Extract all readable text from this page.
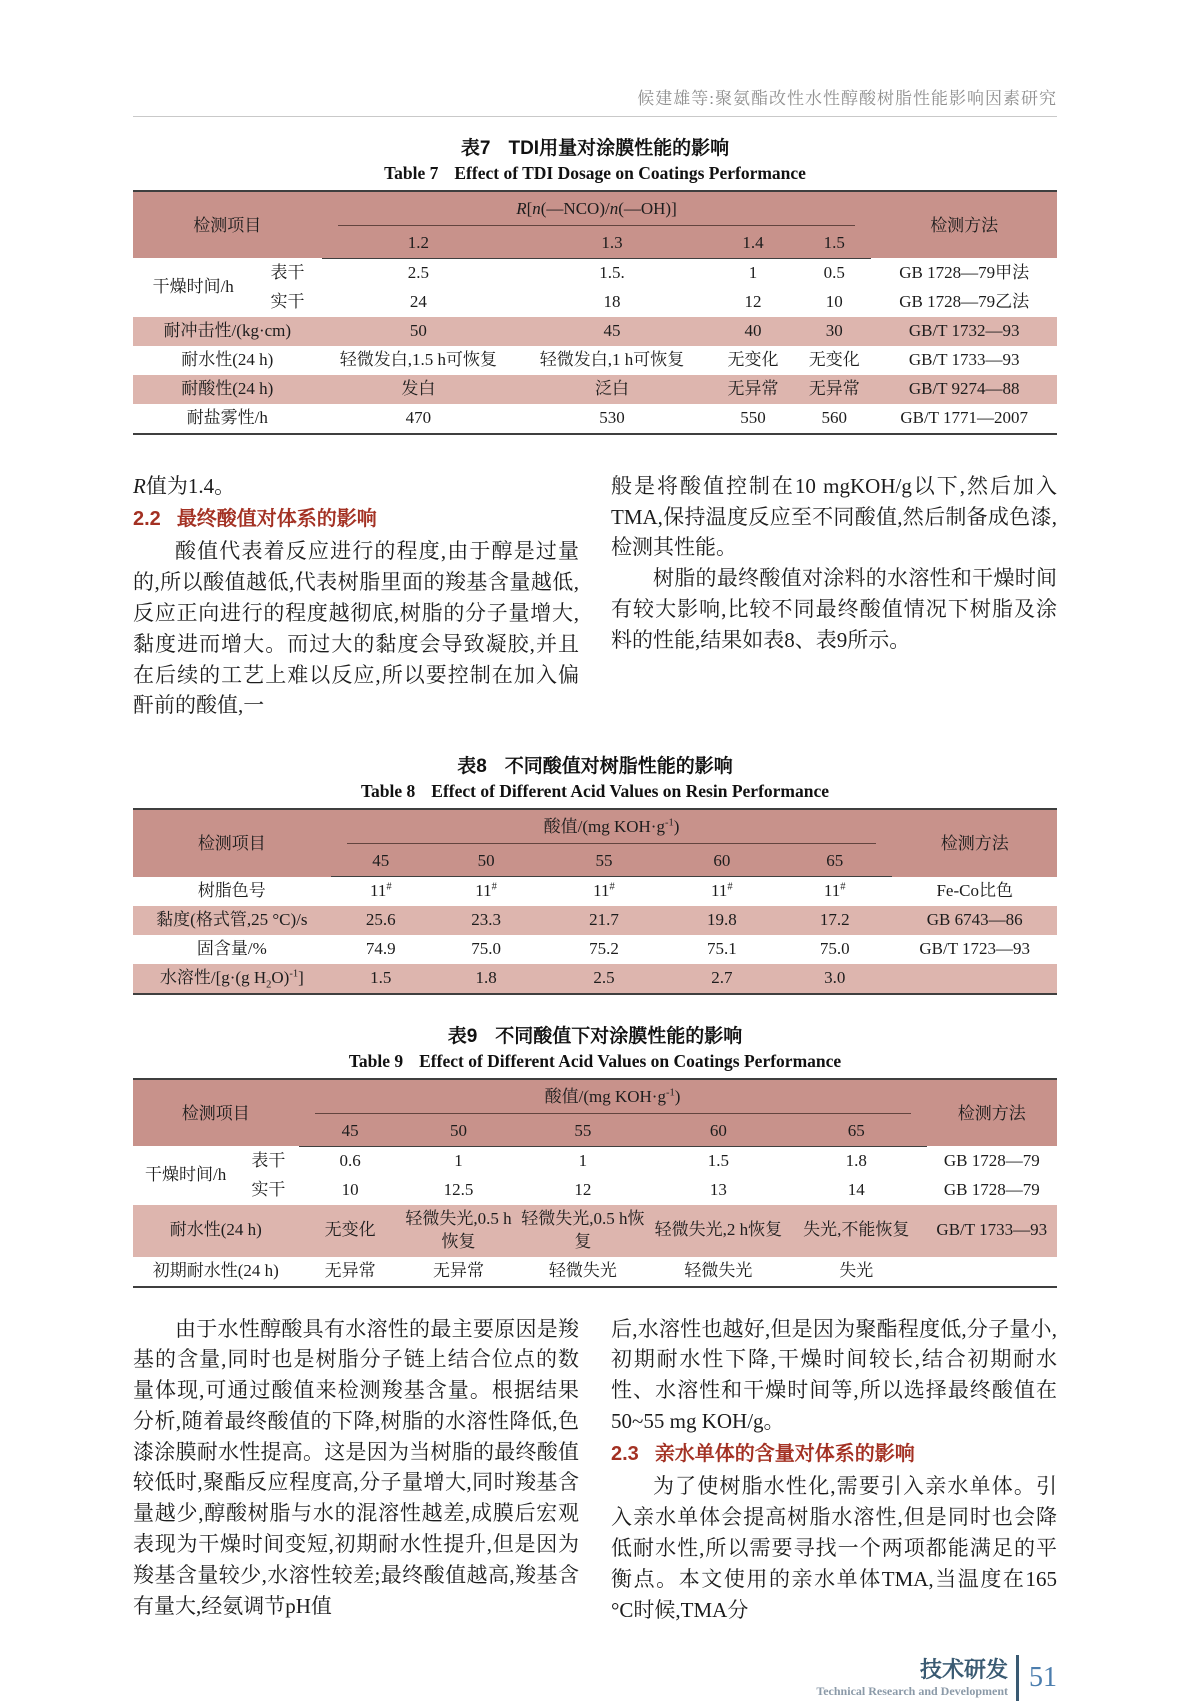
候建雄等:聚氨酯改性水性醇酸树脂性能影响因素研究
表7 TDI用量对涂膜性能的影响
Table 7 Effect of TDI Dosage on Coatings Performance
检测项目		R[n(—NCO)/n(—OH)]				检测方法
		1.2	1.3	1.4	1.5	
干燥时间/h	表干	2.5	1.5.	1	0.5	GB 1728—79甲法
	实干	24	18	12	10	GB 1728—79乙法
耐冲击性/(kg·cm)		50	45	40	30	GB/T 1732—93
耐水性(24 h)		轻微发白,1.5 h可恢复	轻微发白,1 h可恢复	无变化	无变化	GB/T 1733—93
耐酸性(24 h)		发白	泛白	无异常	无异常	GB/T 9274—88
耐盐雾性/h		470	530	550	560	GB/T 1771—2007

R值为1.4。

2.2 最终酸值对体系的影响

酸值代表着反应进行的程度,由于醇是过量的,所以酸值越低,代表树脂里面的羧基含量越低,反应正向进行的程度越彻底,树脂的分子量增大,黏度进而增大。而过大的黏度会导致凝胶,并且在后续的工艺上难以反应,所以要控制在加入偏酐前的酸值,一

般是将酸值控制在10 mgKOH/g以下,然后加入TMA,保持温度反应至不同酸值,然后制备成色漆,检测其性能。

树脂的最终酸值对涂料的水溶性和干燥时间有较大影响,比较不同最终酸值情况下树脂及涂料的性能,结果如表8、表9所示。

表8 不同酸值对树脂性能的影响
Table 8 Effect of Different Acid Values on Resin Performance
检测项目	酸值/(mg $KOH\cdot g^{-1}$)					检测方法
	45	50	55	60	65	
树脂色号	11#	11#	11#	11#	11#	Fe-Co比色
黏度(格式管,25 °C)/s	25.6	23.3	21.7	19.8	17.2	GB 6743—86
固含量/%	74.9	75.0	75.2	75.1	75.0	GB/T 1723—93
水溶性/[g·(g $H_2O)^{-1}$]	1.5	1.8	2.5	2.7	3.0	
表9 不同酸值下对涂膜性能的影响
Table 9 Effect of Different Acid Values on Coatings Performance
检测项目		酸值/(mg $KOH\cdot g^{-1}$)					检测方法
		45	50	55	60	65	
干燥时间/h	表干	0.6	1	1	1.5	1.8	GB 1728—79
	实干	10	12.5	12	13	14	GB 1728—79
耐水性(24 h)		无变化	轻微失光,0.5 h恢复	轻微失光,0.5 h恢复	轻微失光,2 h恢复	失光,不能恢复	GB/T 1733—93
初期耐水性(24 h)		无异常	无异常	轻微失光	轻微失光	失光	

由于水性醇酸具有水溶性的最主要原因是羧基的含量,同时也是树脂分子链上结合位点的数量体现,可通过酸值来检测羧基含量。根据结果分析,随着最终酸值的下降,树脂的水溶性降低,色漆涂膜耐水性提高。这是因为当树脂的最终酸值较低时,聚酯反应程度高,分子量增大,同时羧基含量越少,醇酸树脂与水的混溶性越差,成膜后宏观表现为干燥时间变短,初期耐水性提升,但是因为羧基含量较少,水溶性较差;最终酸值越高,羧基含有量大,经氨调节pH值

后,水溶性也越好,但是因为聚酯程度低,分子量小,初期耐水性下降,干燥时间较长,结合初期耐水性、水溶性和干燥时间等,所以选择最终酸值在50~55 mg KOH/g。

2.3 亲水单体的含量对体系的影响

为了使树脂水性化,需要引入亲水单体。引入亲水单体会提高树脂水溶性,但是同时也会降低耐水性,所以需要寻找一个两项都能满足的平衡点。本文使用的亲水单体TMA,当温度在165 °C时候,TMA分

技术研发
Technical Research and Development 51
